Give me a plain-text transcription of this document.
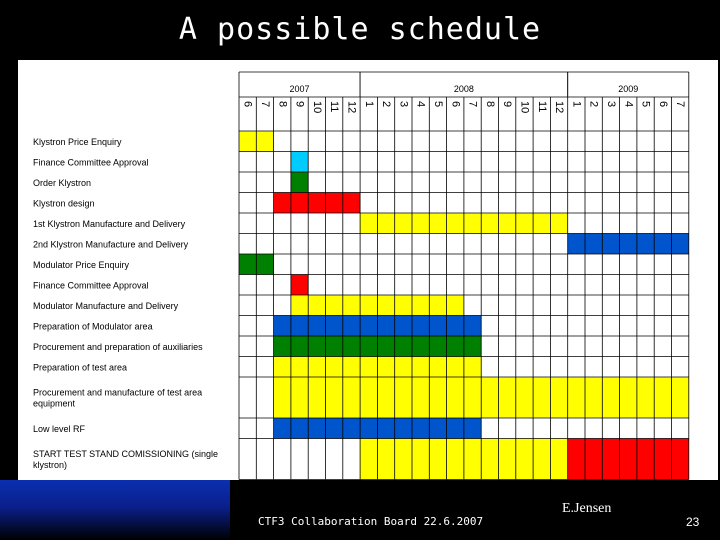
A possible schedule
2007	2008	2009
6 7 8 9 10 11 12 1 2 3 4 5 6 7 8 9 10 11 12 1 2 3 4 5 6 7
Klystron Price Enquiry
Finance Committee Approval
Order Klystron
Klystron design
1st Klystron Manufacture and Delivery
2nd Klystron Manufacture and Delivery
Modulator Price Enquiry
Finance Committee Approval
Modulator Manufacture and Delivery
Preparation of Modulator area
Procurement and preparation of auxiliaries
Preparation of test area
Procurement and manufacture of test area equipment
Low level RF
START TEST STAND COMISSIONING (single klystron)
CTF3 Collaboration Board 22.6.2007
E.Jensen
23
